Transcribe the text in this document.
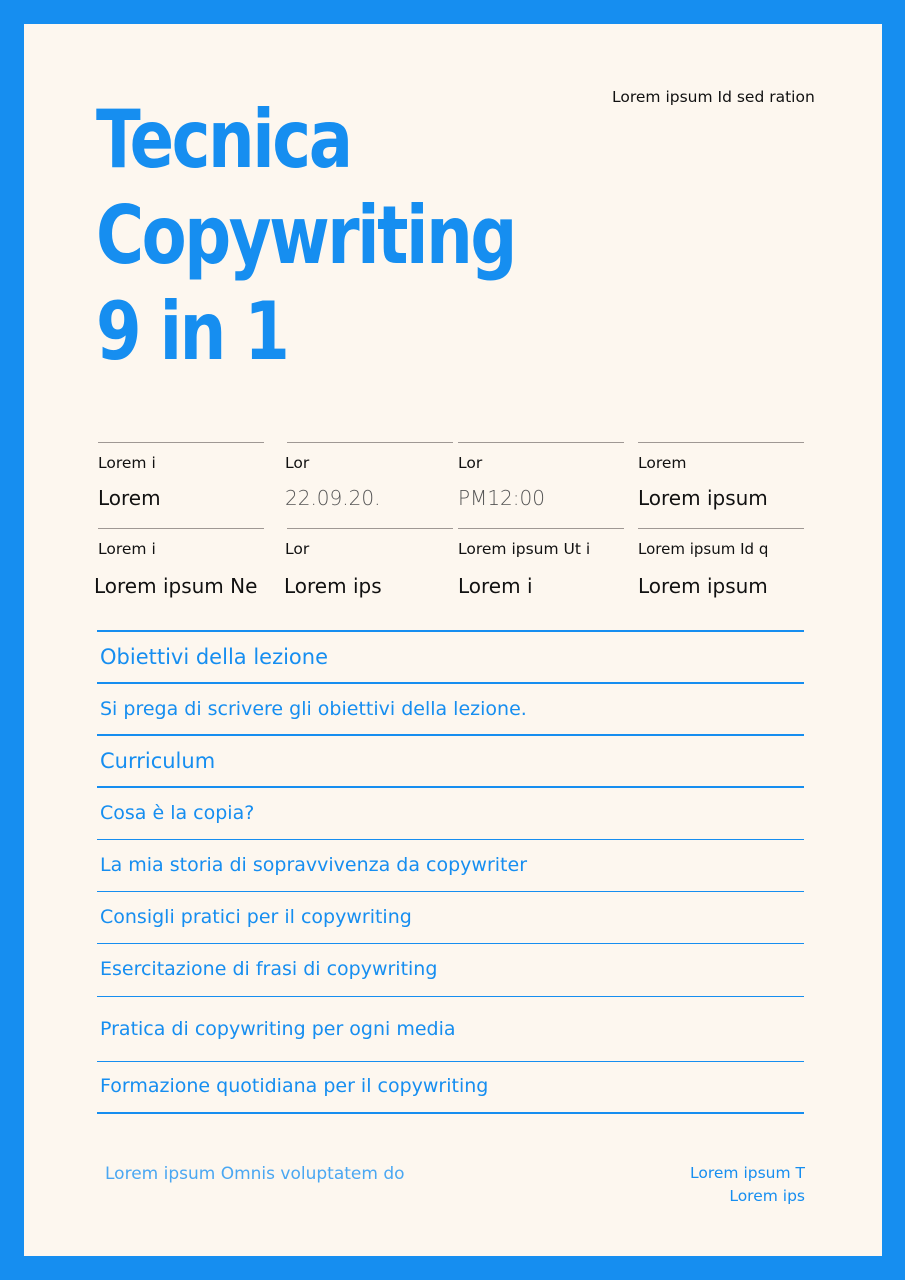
Lorem ipsum Id sed ration
Tecnica
Copywriting
9 in 1
Lorem i
Lorem
Lor
22.09.20.
Lor
PM12:00
Lorem
Lorem ipsum
Lorem i
Lorem ipsum Ne
Lor
Lorem ips
Lorem ipsum Ut i
Lorem i
Lorem ipsum Id q
Lorem ipsum
Obiettivi della lezione
Si prega di scrivere gli obiettivi della lezione.
Curriculum
Cosa è la copia?
La mia storia di sopravvivenza da copywriter
Consigli pratici per il copywriting
Esercitazione di frasi di copywriting
Pratica di copywriting per ogni media
Formazione quotidiana per il copywriting
Lorem ipsum Omnis voluptatem do	Lorem ipsum T
Lorem ips
